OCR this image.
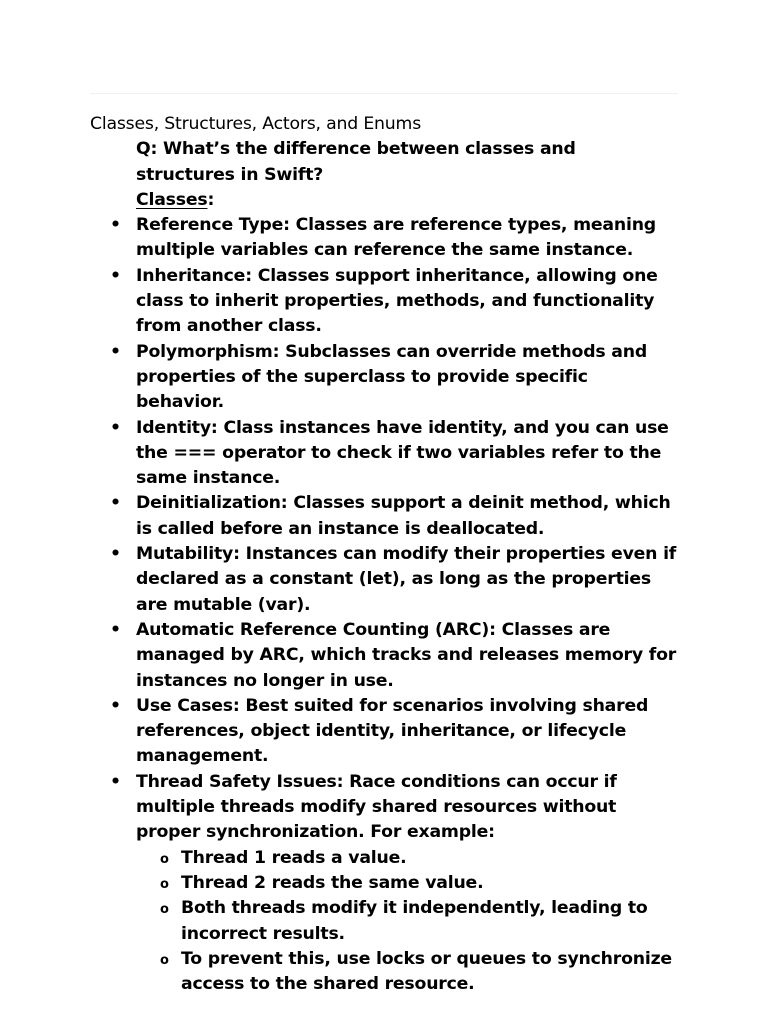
Classes, Structures, Actors, and Enums

Q: What’s the difference between classes and structures in Swift?

Classes:

• Reference Type: Classes are reference types, meaning multiple variables can reference the same instance.
• Inheritance: Classes support inheritance, allowing one class to inherit properties, methods, and functionality from another class.
• Polymorphism: Subclasses can override methods and properties of the superclass to provide specific behavior.
• Identity: Class instances have identity, and you can use the === operator to check if two variables refer to the same instance.
• Deinitialization: Classes support a deinit method, which is called before an instance is deallocated.
• Mutability: Instances can modify their properties even if declared as a constant (let), as long as the properties are mutable (var).
• Automatic Reference Counting (ARC): Classes are managed by ARC, which tracks and releases memory for instances no longer in use.
• Use Cases: Best suited for scenarios involving shared references, object identity, inheritance, or lifecycle management.
• Thread Safety Issues: Race conditions can occur if multiple threads modify shared resources without proper synchronization. For example:
o Thread 1 reads a value.
o Thread 2 reads the same value.
o Both threads modify it independently, leading to incorrect results.
o To prevent this, use locks or queues to synchronize access to the shared resource.
